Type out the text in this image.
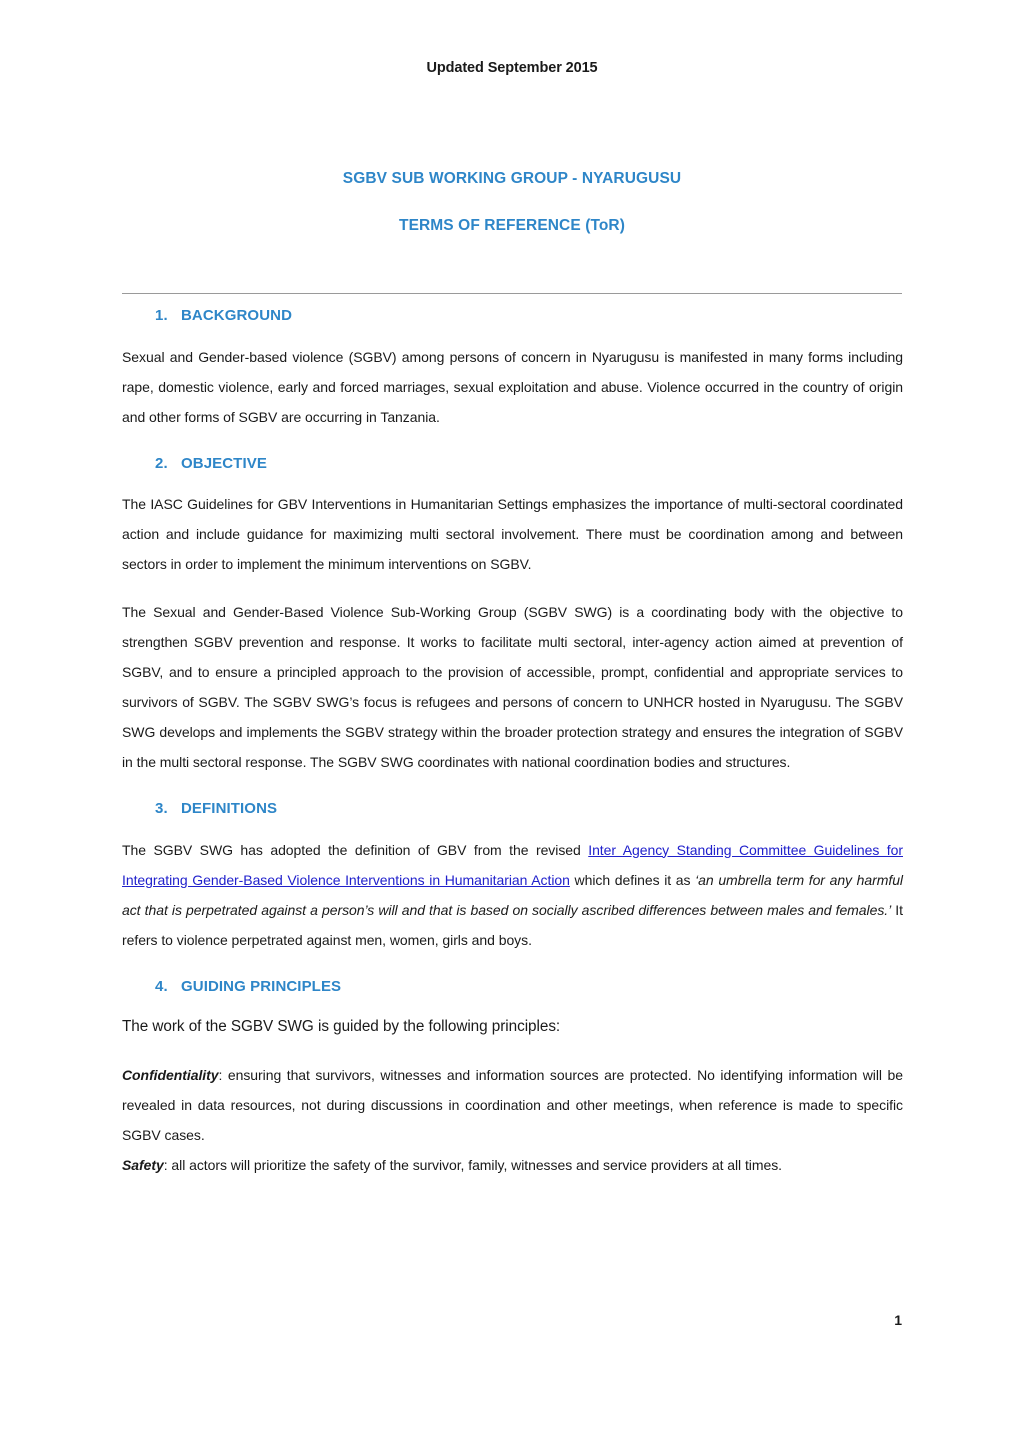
Updated September 2015
SGBV SUB WORKING GROUP - NYARUGUSU
TERMS OF REFERENCE (ToR)
1. BACKGROUND

Sexual and Gender-based violence (SGBV) among persons of concern in Nyarugusu is manifested in many forms including rape, domestic violence, early and forced marriages, sexual exploitation and abuse. Violence occurred in the country of origin and other forms of SGBV are occurring in Tanzania.

2. OBJECTIVE

The IASC Guidelines for GBV Interventions in Humanitarian Settings emphasizes the importance of multi-sectoral coordinated action and include guidance for maximizing multi sectoral involvement. There must be coordination among and between sectors in order to implement the minimum interventions on SGBV.

The Sexual and Gender-Based Violence Sub-Working Group (SGBV SWG) is a coordinating body with the objective to strengthen SGBV prevention and response. It works to facilitate multi sectoral, inter-agency action aimed at prevention of SGBV, and to ensure a principled approach to the provision of accessible, prompt, confidential and appropriate services to survivors of SGBV. The SGBV SWG’s focus is refugees and persons of concern to UNHCR hosted in Nyarugusu. The SGBV SWG develops and implements the SGBV strategy within the broader protection strategy and ensures the integration of SGBV in the multi sectoral response. The SGBV SWG coordinates with national coordination bodies and structures.

3. DEFINITIONS

The SGBV SWG has adopted the definition of GBV from the revised Inter Agency Standing Committee Guidelines for Integrating Gender-Based Violence Interventions in Humanitarian Action which defines it as ‘an umbrella term for any harmful act that is perpetrated against a person’s will and that is based on socially ascribed differences between males and females.’ It refers to violence perpetrated against men, women, girls and boys.

4. GUIDING PRINCIPLES

The work of the SGBV SWG is guided by the following principles:

Confidentiality: ensuring that survivors, witnesses and information sources are protected. No identifying information will be revealed in data resources, not during discussions in coordination and other meetings, when reference is made to specific SGBV cases.

Safety: all actors will prioritize the safety of the survivor, family, witnesses and service providers at all times.

1
